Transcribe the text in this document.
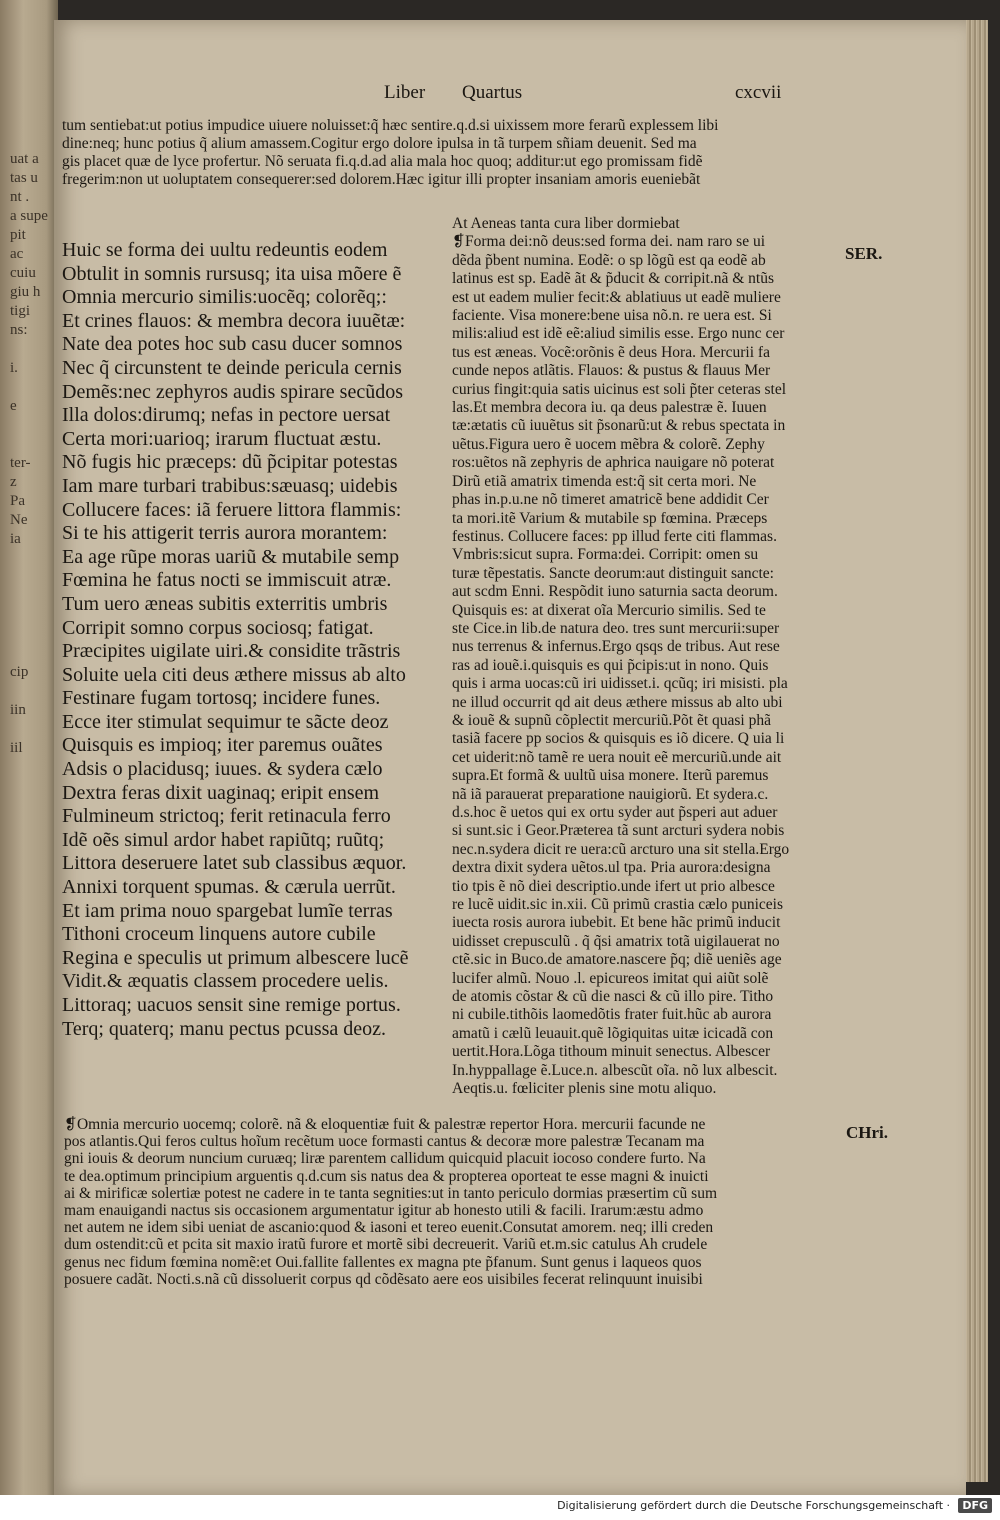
uat a
tas u
nt .
a supe
pit
ac
cuiu
giu h
tigi
ns:
i.
e
ter-
z
Pa
Ne
ia
cip
iin
iil
Liber Quartus	cxcvii
tum sentiebat:ut potius impudice uiuere noluisset:q̃ hæc sentire.q.d.si uixissem more ferarũ explessem libi
dine:neq; hunc potius q̃ alium amassem.Cogitur ergo dolore ipulsa in tã turpem sñiam deuenit. Sed ma
gis placet quæ de lyce profertur. Nõ seruata fi.q.d.ad alia mala hoc quoq; additur:ut ego promissam fidẽ
fregerim:non ut uoluptatem consequerer:sed dolorem.Hæc igitur illi propter insaniam amoris eueniebãt
Huic se forma dei uultu redeuntis eodem
Obtulit in somnis rursusq; ita uisa mõere ẽ
Omnia mercurio similis:uocẽq; colorẽq;:
Et crines flauos: & membra decora iuuẽtæ:
Nate dea potes hoc sub casu ducer somnos
Nec q̃ circunstent te deinde pericula cernis
Demẽs:nec zephyros audis spirare secũdos
Illa dolos:dirumq; nefas in pectore uersat
Certa mori:uarioq; irarum fluctuat æstu.
Nõ fugis hic præceps: dũ p̃cipitar potestas
Iam mare turbari trabibus:sæuasq; uidebis
Collucere faces: iã feruere littora flammis:
Si te his attigerit terris aurora morantem:
Ea age rũpe moras uariũ & mutabile semp
Fœmina he fatus nocti se immiscuit atræ.
Tum uero æneas subitis exterritis umbris
Corripit somno corpus sociosq; fatigat.
Præcipites uigilate uiri.& considite trãstris
Soluite uela citi deus æthere missus ab alto
Festinare fugam tortosq; incidere funes.
Ecce iter stimulat sequimur te sãcte deoz
Quisquis es impioq; iter paremus ouãtes
Adsis o placidusq; iuues. & sydera cælo
Dextra feras dixit uaginaq; eripit ensem
Fulmineum strictoq; ferit retinacula ferro
Idẽ oẽs simul ardor habet rapiũtq; ruũtq;
Littora deseruere latet sub classibus æquor.
Annixi torquent spumas. & cærula uerrũt.
Et iam prima nouo spargebat lumĩe terras
Tithoni croceum linquens autore cubile
Regina e speculis ut primum albescere lucẽ
Vidit.& æquatis classem procedere uelis.
Littoraq; uacuos sensit sine remige portus.
Terq; quaterq; manu pectus pcussa deoz.
At Aeneas tanta cura liber dormiebat
❡Forma dei:nõ deus:sed forma dei. nam raro se ui
dẽda p̃bent numina. Eodẽ: o sp lõgũ est qa eodẽ ab
latinus est sp. Eadẽ ãt & p̃ducit & corripit.nã & ntũs
est ut eadem mulier fecit:& ablatiuus ut eadẽ muliere
faciente. Visa monere:bene uisa nõ.n. re uera est. Si
milis:aliud est idẽ eẽ:aliud similis esse. Ergo nunc cer
tus est æneas. Vocẽ:orõnis ẽ deus Hora. Mercurii fa
cunde nepos atlãtis. Flauos: & pustus & flauus Mer
curius fingit:quia satis uicinus est soli p̃ter ceteras stel
las.Et membra decora iu. qa deus palestræ ẽ. Iuuen
tæ:ætatis cũ iuuẽtus sit p̃sonarũ:ut & rebus spectata in
uẽtus.Figura uero ẽ uocem mẽbra & colorẽ. Zephy
ros:uẽtos nã zephyris de aphrica nauigare nõ poterat
Dirũ etiã amatrix timenda est:q̃ sit certa mori. Ne
phas in.p.u.ne nõ timeret amatricẽ bene addidit Cer
ta mori.itẽ Varium & mutabile sp fœmina. Præceps
festinus. Collucere faces: pp illud ferte citi flammas.
Vmbris:sicut supra. Forma:dei. Corripit: omen su
turæ tẽpestatis. Sancte deorum:aut distinguit sancte:
aut scdm Enni. Respõdit iuno saturnia sacta deorum.
Quisquis es: at dixerat oĩa Mercurio similis. Sed te
ste Cice.in lib.de natura deo. tres sunt mercurii:super
nus terrenus & infernus.Ergo qsqs de tribus. Aut rese
ras ad iouẽ.i.quisquis es qui p̃cipis:ut in nono. Quis
quis i arma uocas:cũ iri uidisset.i. qcũq; iri misisti. pla
ne illud occurrit qd ait deus æthere missus ab alto ubi
& iouẽ & supnũ cõplectit mercuriũ.Põt ẽt quasi phã
tasiã facere pp socios & quisquis es iõ dicere. Q uia li
cet uiderit:nõ tamẽ re uera nouit eẽ mercuriũ.unde ait
supra.Et formã & uultũ uisa monere. Iterũ paremus
nã iã parauerat preparatione nauigiorũ. Et sydera.c.
d.s.hoc ẽ uetos qui ex ortu syder aut p̃speri aut aduer
si sunt.sic i Geor.Præterea tã sunt arcturi sydera nobis
nec.n.sydera dicit re uera:cũ arcturo una sit stella.Ergo
dextra dixit sydera uẽtos.ul tpa. Pria aurora:designa
tio tpis ẽ nõ diei descriptio.unde ifert ut prio albesce
re lucẽ uidit.sic in.xii. Cũ primũ crastia cælo puniceis
iuecta rosis aurora iubebit. Et bene hãc primũ inducit
uidisset crepusculũ . q̃ q̃si amatrix totã uigilauerat no
ctẽ.sic in Buco.de amatore.nascere p̃q; diẽ ueniẽs age
lucifer almũ. Nouo .l. epicureos imitat qui aiũt solẽ
de atomis cõstar & cũ die nasci & cũ illo pire. Titho
ni cubile.tithõis laomedõtis frater fuit.hũc ab aurora
amatũ i cælũ leuauit.quẽ lõgiquitas uitæ icicadã con
uertit.Hora.Lõga tithoum minuit senectus. Albescer
In.hyppallage ẽ.Luce.n. albescũt oĩa. nõ lux albescit.
Aeqtis.u. fœliciter plenis sine motu aliquo.
SER.
CHri.
❡Omnia mercurio uocemq; colorẽ. nã & eloquentiæ fuit & palestræ repertor Hora. mercurii facunde ne
pos atlantis.Qui feros cultus hoĩum recẽtum uoce formasti cantus & decoræ more palestræ Tecanam ma
gni iouis & deorum nuncium curuæq; liræ parentem callidum quicquid placuit iocoso condere furto. Na
te dea.optimum principium arguentis q.d.cum sis natus dea & propterea oporteat te esse magni & inuicti
ai & mirificæ solertiæ potest ne cadere in te tanta segnities:ut in tanto periculo dormias præsertim cũ sum
mam enauigandi nactus sis occasionem argumentatur igitur ab honesto utili & facili. Irarum:æstu admo
net autem ne idem sibi ueniat de ascanio:quod & iasoni et tereo euenit.Consutat amorem. neq; illi creden
dum ostendit:cũ et pcita sit maxio iratũ furore et mortẽ sibi decreuerit. Variũ et.m.sic catulus Ah crudele
genus nec fidum fœmina nomẽ:et Oui.fallite fallentes ex magna pte p̃fanum. Sunt genus i laqueos quos
posuere cadãt. Nocti.s.nã cũ dissoluerit corpus qd cõdẽsato aere eos uisibiles fecerat relinquunt inuisibi
Digitalisierung gefördert durch die Deutsche Forschungsgemeinschaft ·	DFG
